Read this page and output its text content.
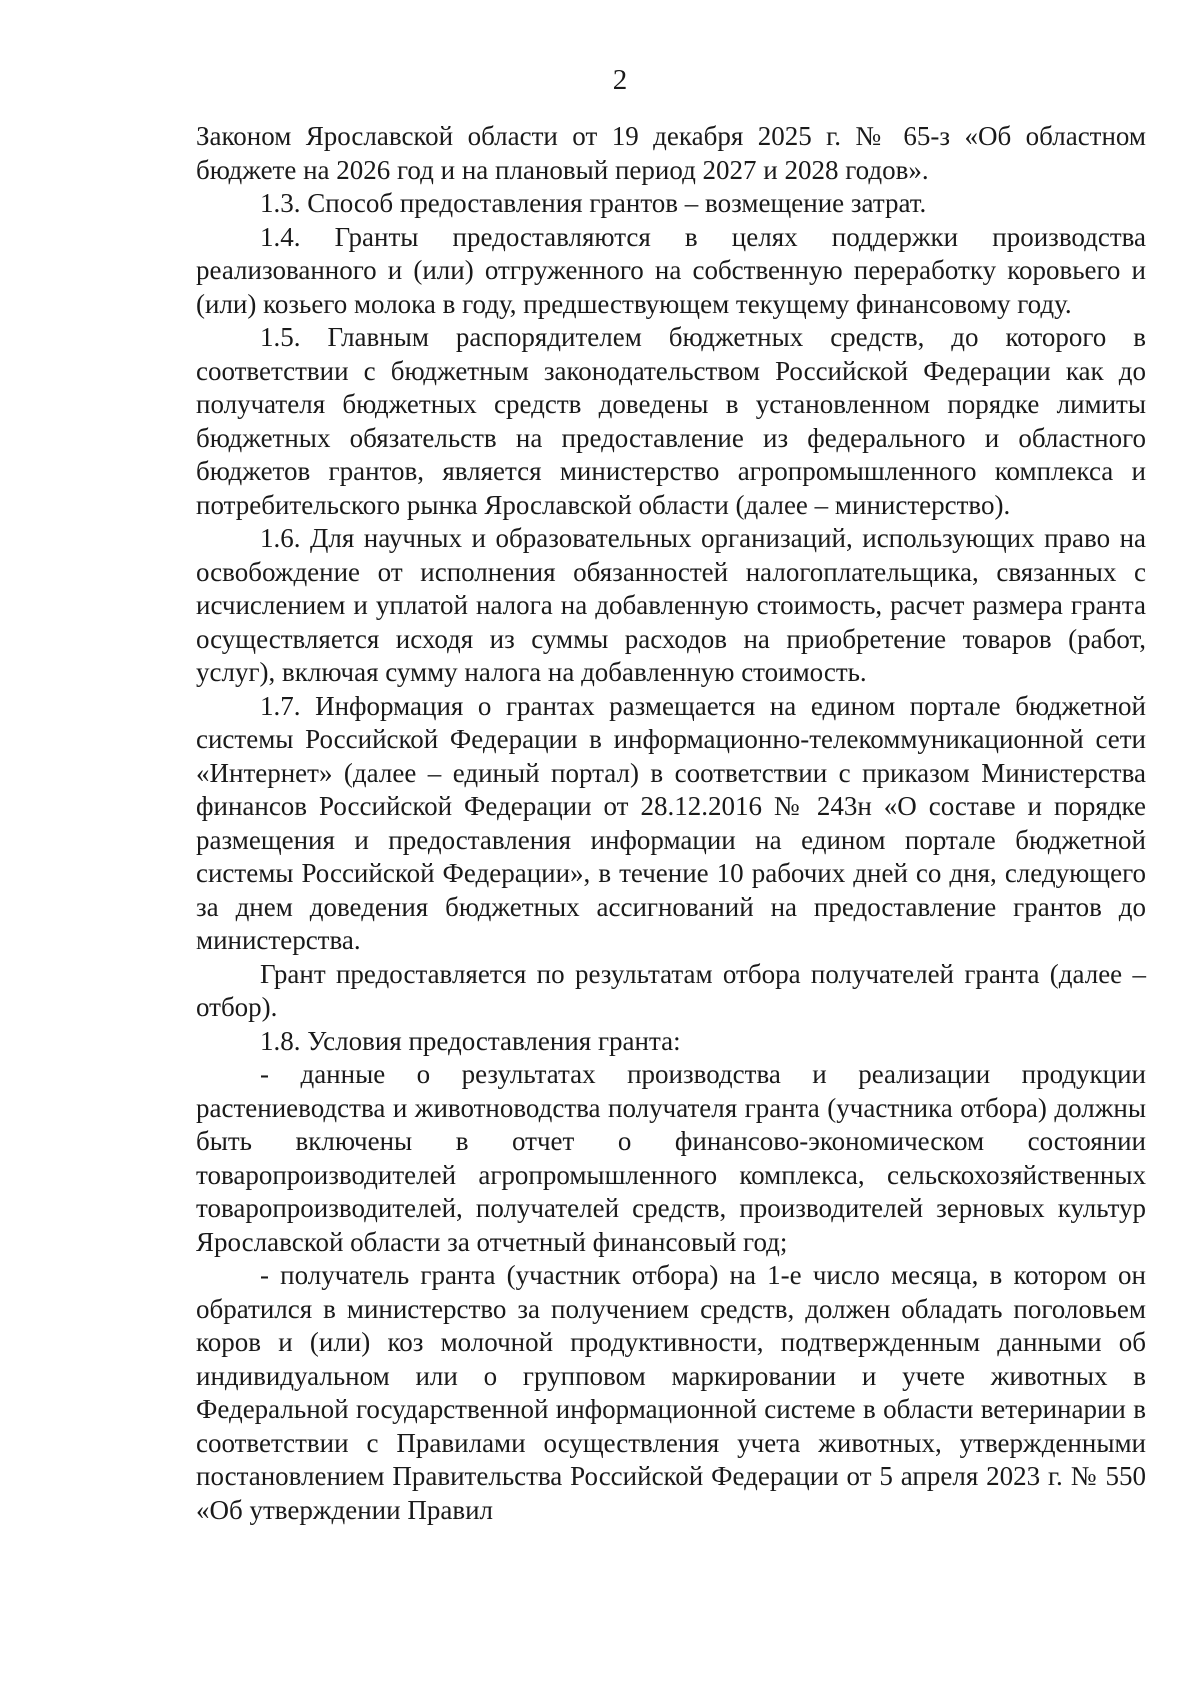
2

Законом Ярославской области от 19 декабря 2025 г. № 65-з «Об областном бюджете на 2026 год и на плановый период 2027 и 2028 годов».

1.3. Способ предоставления грантов – возмещение затрат.

1.4. Гранты предоставляются в целях поддержки производства реализованного и (или) отгруженного на собственную переработку коровьего и (или) козьего молока в году, предшествующем текущему финансовому году.

1.5. Главным распорядителем бюджетных средств, до которого в соответствии с бюджетным законодательством Российской Федерации как до получателя бюджетных средств доведены в установленном порядке лимиты бюджетных обязательств на предоставление из федерального и областного бюджетов грантов, является министерство агропромышленного комплекса и потребительского рынка Ярославской области (далее – министерство).

1.6. Для научных и образовательных организаций, использующих право на освобождение от исполнения обязанностей налогоплательщика, связанных с исчислением и уплатой налога на добавленную стоимость, расчет размера гранта осуществляется исходя из суммы расходов на приобретение товаров (работ, услуг), включая сумму налога на добавленную стоимость.

1.7. Информация о грантах размещается на едином портале бюджетной системы Российской Федерации в информационно-телекоммуникационной сети «Интернет» (далее – единый портал) в соответствии с приказом Министерства финансов Российской Федерации от 28.12.2016 № 243н «О составе и порядке размещения и предоставления информации на едином портале бюджетной системы Российской Федерации», в течение 10 рабочих дней со дня, следующего за днем доведения бюджетных ассигнований на предоставление грантов до министерства.

Грант предоставляется по результатам отбора получателей гранта (далее – отбор).

1.8. Условия предоставления гранта:

- данные о результатах производства и реализации продукции растениеводства и животноводства получателя гранта (участника отбора) должны быть включены в отчет о финансово-экономическом состоянии товаропроизводителей агропромышленного комплекса, сельскохозяйственных товаропроизводителей, получателей средств, производителей зерновых культур Ярославской области за отчетный финансовый год;

- получатель гранта (участник отбора) на 1-е число месяца, в котором он обратился в министерство за получением средств, должен обладать поголовьем коров и (или) коз молочной продуктивности, подтвержденным данными об индивидуальном или о групповом маркировании и учете животных в Федеральной государственной информационной системе в области ветеринарии в соответствии с Правилами осуществления учета животных, утвержденными постановлением Правительства Российской Федерации от 5 апреля 2023 г. № 550 «Об утверждении Правил
